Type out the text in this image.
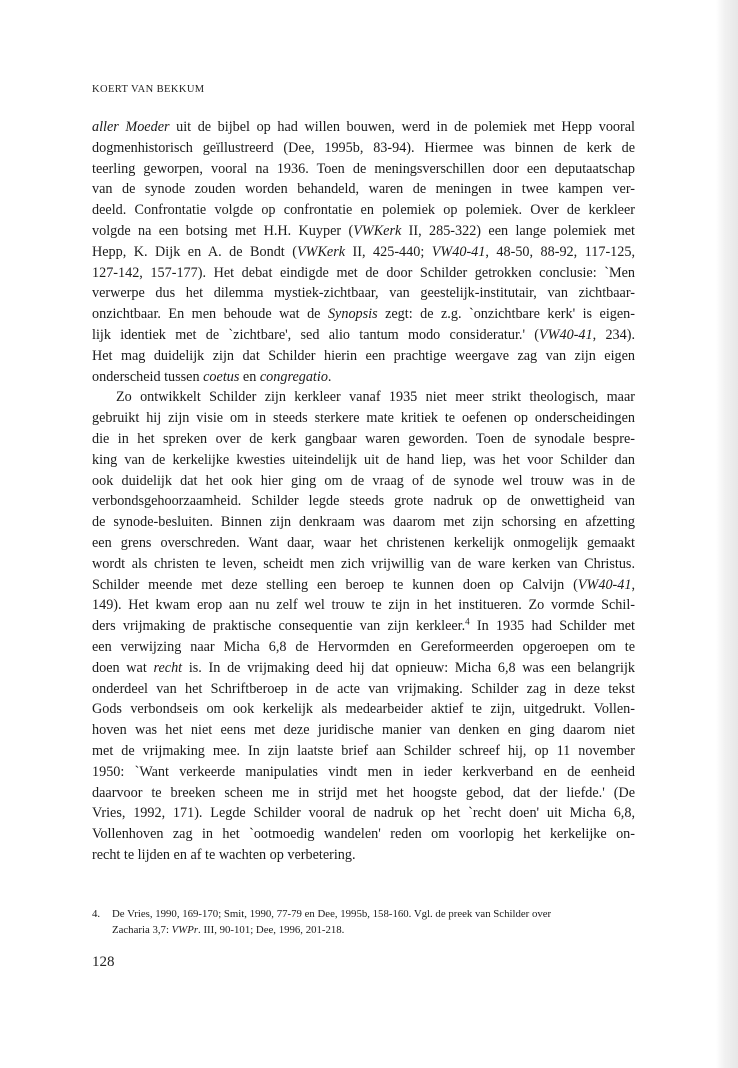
KOERT VAN BEKKUM
aller Moeder uit de bijbel op had willen bouwen, werd in de polemiek met Hepp vooral
dogmenhistorisch geïllustreerd (Dee, 1995b, 83-94). Hiermee was binnen de kerk de
teerling geworpen, vooral na 1936. Toen de meningsverschillen door een deputaatschap
van de synode zouden worden behandeld, waren de meningen in twee kampen ver-
deeld. Confrontatie volgde op confrontatie en polemiek op polemiek. Over de kerkleer
volgde na een botsing met H.H. Kuyper (VWKerk II, 285-322) een lange polemiek met
Hepp, K. Dijk en A. de Bondt (VWKerk II, 425-440; VW40-41, 48-50, 88-92, 117-125,
127-142, 157-177). Het debat eindigde met de door Schilder getrokken conclusie: `Men
verwerpe dus het dilemma mystiek-zichtbaar, van geestelijk-institutair, van zichtbaar-
onzichtbaar. En men behoude wat de Synopsis zegt: de z.g. `onzichtbare kerk' is eigen-
lijk identiek met de `zichtbare', sed alio tantum modo consideratur.' (VW40-41, 234).
Het mag duidelijk zijn dat Schilder hierin een prachtige weergave zag van zijn eigen
onderscheid tussen coetus en congregatio.
Zo ontwikkelt Schilder zijn kerkleer vanaf 1935 niet meer strikt theologisch, maar
gebruikt hij zijn visie om in steeds sterkere mate kritiek te oefenen op onderscheidingen
die in het spreken over de kerk gangbaar waren geworden. Toen de synodale bespre-
king van de kerkelijke kwesties uiteindelijk uit de hand liep, was het voor Schilder dan
ook duidelijk dat het ook hier ging om de vraag of de synode wel trouw was in de
verbondsgehoorzaamheid. Schilder legde steeds grote nadruk op de onwettigheid van
de synode-besluiten. Binnen zijn denkraam was daarom met zijn schorsing en afzetting
een grens overschreden. Want daar, waar het christenen kerkelijk onmogelijk gemaakt
wordt als christen te leven, scheidt men zich vrijwillig van de ware kerken van Christus.
Schilder meende met deze stelling een beroep te kunnen doen op Calvijn (VW40-41,
149). Het kwam erop aan nu zelf wel trouw te zijn in het institueren. Zo vormde Schil-
ders vrijmaking de praktische consequentie van zijn kerkleer.$^4$ In 1935 had Schilder met
een verwijzing naar Micha 6,8 de Hervormden en Gereformeerden opgeroepen om te
doen wat recht is. In de vrijmaking deed hij dat opnieuw: Micha 6,8 was een belangrijk
onderdeel van het Schriftberoep in de acte van vrijmaking. Schilder zag in deze tekst
Gods verbondseis om ook kerkelijk als medearbeider aktief te zijn, uitgedrukt. Vollen-
hoven was het niet eens met deze juridische manier van denken en ging daarom niet
met de vrijmaking mee. In zijn laatste brief aan Schilder schreef hij, op 11 november
1950: `Want verkeerde manipulaties vindt men in ieder kerkverband en de eenheid
daarvoor te breeken scheen me in strijd met het hoogste gebod, dat der liefde.' (De
Vries, 1992, 171). Legde Schilder vooral de nadruk op het `recht doen' uit Micha 6,8,
Vollenhoven zag in het `ootmoedig wandelen' reden om voorlopig het kerkelijke on-
recht te lijden en af te wachten op verbetering.
4. De Vries, 1990, 169-170; Smit, 1990, 77-79 en Dee, 1995b, 158-160. Vgl. de preek van Schilder over
Zacharia 3,7: VWPr. III, 90-101; Dee, 1996, 201-218.
128
